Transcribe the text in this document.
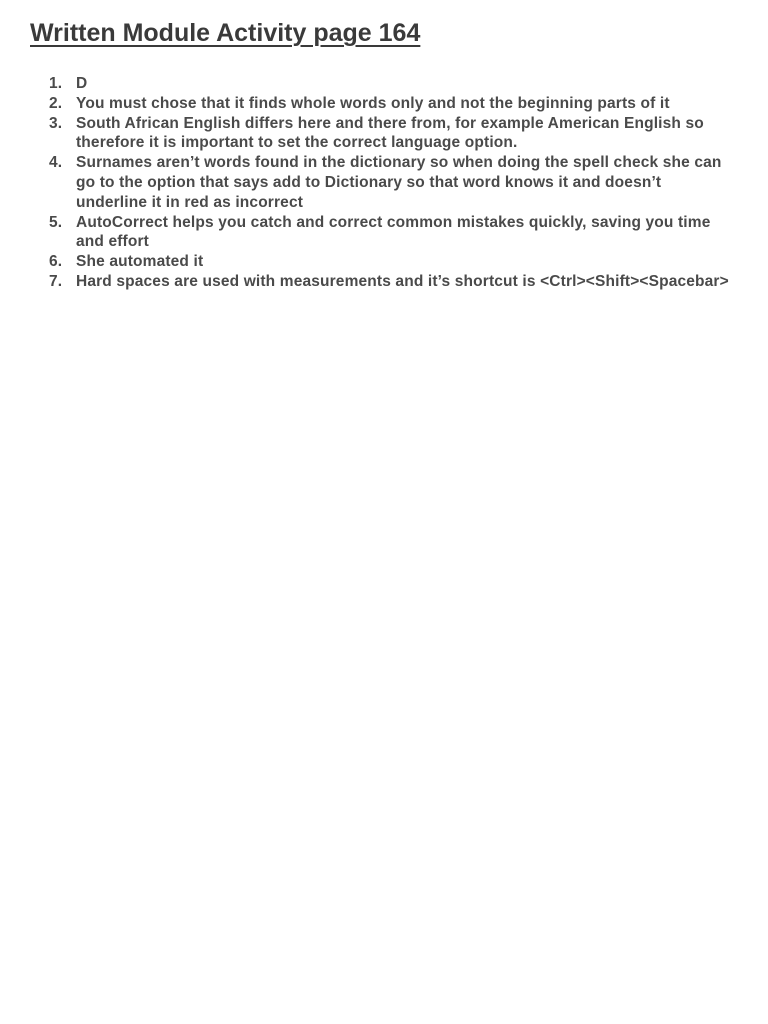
Written Module Activity page 164
1. D
2. You must chose that it finds whole words only and not the beginning parts of it
3. South African English differs here and there from, for example American English so therefore it is important to set the correct language option.
4. Surnames aren’t words found in the dictionary so when doing the spell check she can go to the option that says add to Dictionary so that word knows it and doesn’t underline it in red as incorrect
5. AutoCorrect helps you catch and correct common mistakes quickly, saving you time and effort
6. She automated it
7. Hard spaces are used with measurements and it’s shortcut is <Ctrl><Shift><Spacebar>
